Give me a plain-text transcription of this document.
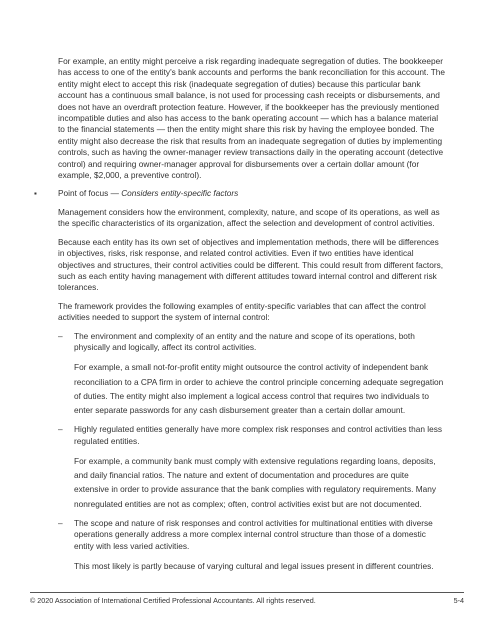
For example, an entity might perceive a risk regarding inadequate segregation of duties. The bookkeeper has access to one of the entity's bank accounts and performs the bank reconciliation for this account. The entity might elect to accept this risk (inadequate segregation of duties) because this particular bank account has a continuous small balance, is not used for processing cash receipts or disbursements, and does not have an overdraft protection feature. However, if the bookkeeper has the previously mentioned incompatible duties and also has access to the bank operating account — which has a balance material to the financial statements — then the entity might share this risk by having the employee bonded. The entity might also decrease the risk that results from an inadequate segregation of duties by implementing controls, such as having the owner-manager review transactions daily in the operating account (detective control) and requiring owner-manager approval for disbursements over a certain dollar amount (for example, $2,000, a preventive control).

▪	Point of focus — Considers entity-specific factors

Management considers how the environment, complexity, nature, and scope of its operations, as well as the specific characteristics of its organization, affect the selection and development of control activities.

Because each entity has its own set of objectives and implementation methods, there will be differences in objectives, risks, risk response, and related control activities. Even if two entities have identical objectives and structures, their control activities could be different. This could result from different factors, such as each entity having management with different attitudes toward internal control and different risk tolerances.

The framework provides the following examples of entity-specific variables that can affect the control activities needed to support the system of internal control:

– The environment and complexity of an entity and the nature and scope of its operations, both physically and logically, affect its control activities.

For example, a small not-for-profit entity might outsource the control activity of independent bank reconciliation to a CPA firm in order to achieve the control principle concerning adequate segregation of duties. The entity might also implement a logical access control that requires two individuals to enter separate passwords for any cash disbursement greater than a certain dollar amount.

– Highly regulated entities generally have more complex risk responses and control activities than less regulated entities.

For example, a community bank must comply with extensive regulations regarding loans, deposits, and daily financial ratios. The nature and extent of documentation and procedures are quite extensive in order to provide assurance that the bank complies with regulatory requirements. Many nonregulated entities are not as complex; often, control activities exist but are not documented.

– The scope and nature of risk responses and control activities for multinational entities with diverse operations generally address a more complex internal control structure than those of a domestic entity with less varied activities.

This most likely is partly because of varying cultural and legal issues present in different countries.

© 2020 Association of International Certified Professional Accountants. All rights reserved.	5-4
